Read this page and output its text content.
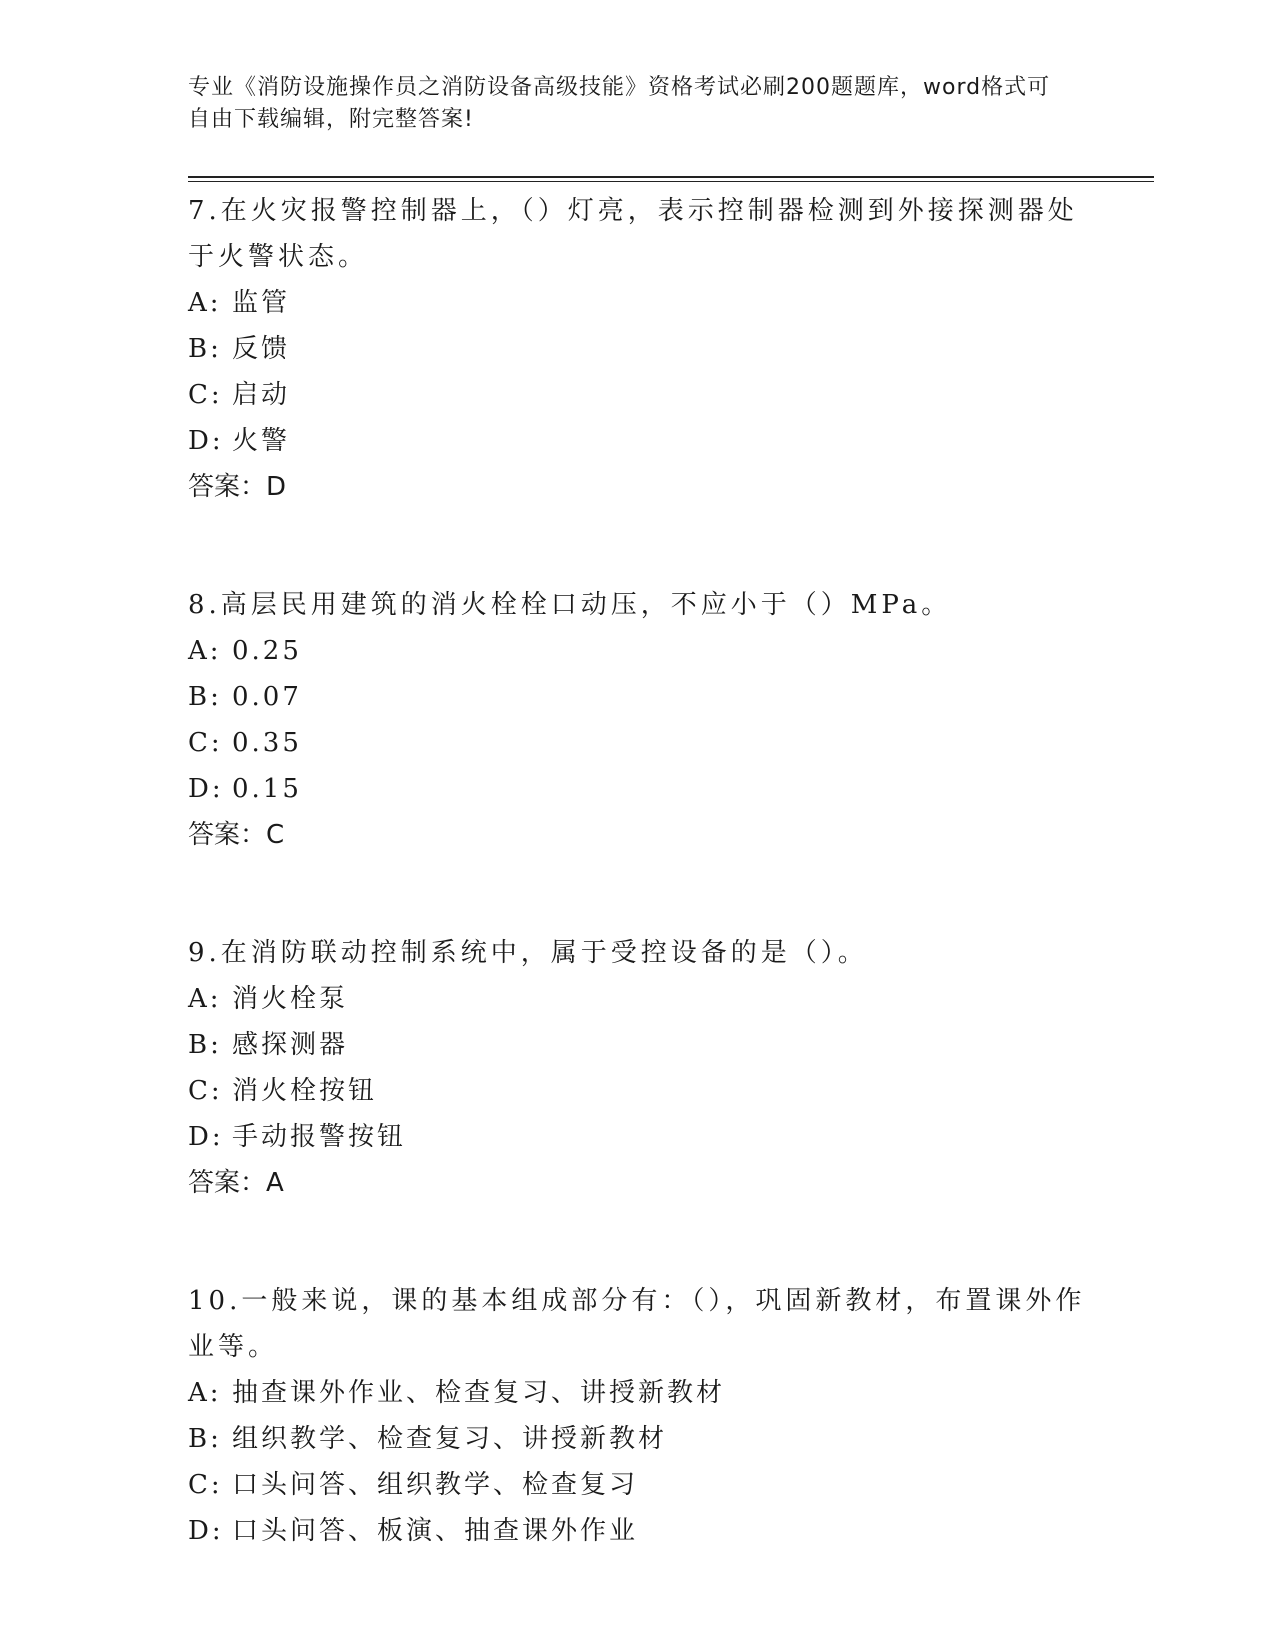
专业《消防设施操作员之消防设备高级技能》资格考试必刷200题题库，word格式可自由下载编辑，附完整答案!

7.在火灾报警控制器上，（）灯亮，表示控制器检测到外接探测器处于火警状态。

A: 监管

B: 反馈

C: 启动

D: 火警

答案：D

8.高层民用建筑的消火栓栓口动压，不应小于（）MPa。

A: 0.25

B: 0.07

C: 0.35

D: 0.15

答案：C

9.在消防联动控制系统中，属于受控设备的是（）。

A: 消火栓泵

B: 感探测器

C: 消火栓按钮

D: 手动报警按钮

答案：A

10.一般来说，课的基本组成部分有：（），巩固新教材，布置课外作业等。

A: 抽查课外作业、检查复习、讲授新教材

B: 组织教学、检查复习、讲授新教材

C: 口头问答、组织教学、检查复习

D: 口头问答、板演、抽查课外作业
